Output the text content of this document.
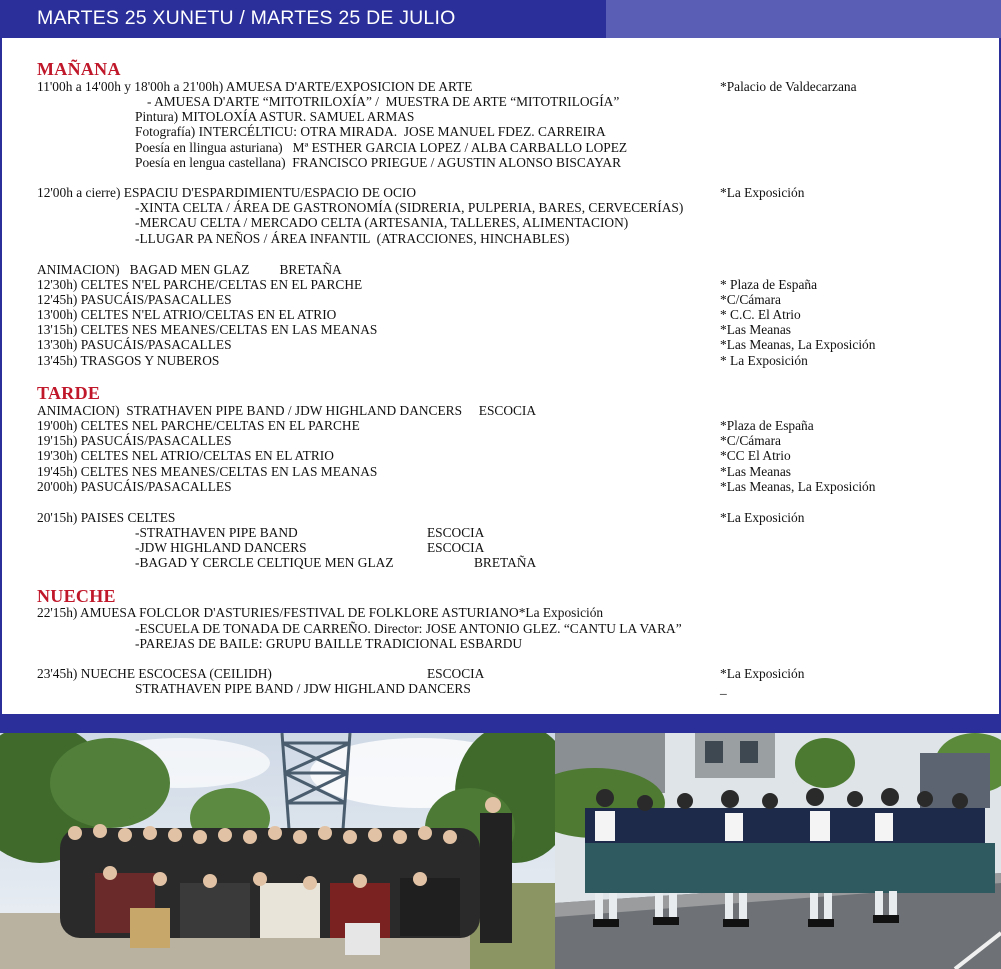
MARTES 25 XUNETU / MARTES 25 DE JULIO
MAÑANA
11'00h a 14'00h y 18'00h a 21'00h) AMUESA D'ARTE/EXPOSICION DE ARTE	*Palacio de Valdecarzana
- AMUESA D'ARTE “MITOTRILOXÍA” /  MUESTRA DE ARTE “MITOTRILOGÍA”
Pintura) MITOLOXÍA ASTUR. SAMUEL ARMAS
Fotografía) INTERCÉLTICU: OTRA MIRADA.  JOSE MANUEL FDEZ. CARREIRA
Poesía en llingua asturiana)   Mª ESTHER GARCIA LOPEZ / ALBA CARBALLO LOPEZ
Poesía en lengua castellana)  FRANCISCO PRIEGUE / AGUSTIN ALONSO BISCAYAR
12'00h a cierre) ESPACIU D'ESPARDIMIENTU/ESPACIO DE OCIO	*La Exposición
-XINTA CELTA / ÁREA DE GASTRONOMÍA (SIDRERIA, PULPERIA, BARES, CERVECERÍAS)
-MERCAU CELTA / MERCADO CELTA (ARTESANIA, TALLERES, ALIMENTACION)
-LLUGAR PA NEÑOS / ÁREA INFANTIL  (ATRACCIONES, HINCHABLES)
ANIMACION)   BAGAD MEN GLAZ         BRETAÑA
12'30h) CELTES N'EL PARCHE/CELTAS EN EL PARCHE	* Plaza de España
12'45h) PASUCÁIS/PASACALLES	*C/Cámara
13'00h) CELTES N'EL ATRIO/CELTAS EN EL ATRIO	* C.C. El Atrio
13'15h) CELTES NES MEANES/CELTAS EN LAS MEANAS	*Las Meanas
13'30h) PASUCÁIS/PASACALLES	*Las Meanas, La Exposición
13'45h) TRASGOS Y NUBEROS	* La Exposición
TARDE
ANIMACION)  STRATHAVEN PIPE BAND / JDW HIGHLAND DANCERS     ESCOCIA
19'00h) CELTES NEL PARCHE/CELTAS EN EL PARCHE	*Plaza de España
19'15h) PASUCÁIS/PASACALLES	*C/Cámara
19'30h) CELTES NEL ATRIO/CELTAS EN EL ATRIO	*CC El Atrio
19'45h) CELTES NES MEANES/CELTAS EN LAS MEANAS	*Las Meanas
20'00h) PASUCÁIS/PASACALLES	*Las Meanas, La Exposición
20'15h) PAISES CELTES	*La Exposición
-STRATHAVEN PIPE BAND	ESCOCIA
-JDW HIGHLAND DANCERS	ESCOCIA
-BAGAD Y CERCLE CELTIQUE MEN GLAZ	BRETAÑA
NUECHE
22'15h) AMUESA FOLCLOR D'ASTURIES/FESTIVAL DE FOLKLORE ASTURIANO*La Exposición
-ESCUELA DE TONADA DE CARREÑO. Director: JOSE ANTONIO GLEZ. “CANTU LA VARA”
-PAREJAS DE BAILE: GRUPU BAILLE TRADICIONAL ESBARDU
23'45h) NUECHE ESCOCESA (CEILIDH)	ESCOCIA	*La Exposición
STRATHAVEN PIPE BAND / JDW HIGHLAND DANCERS	_
